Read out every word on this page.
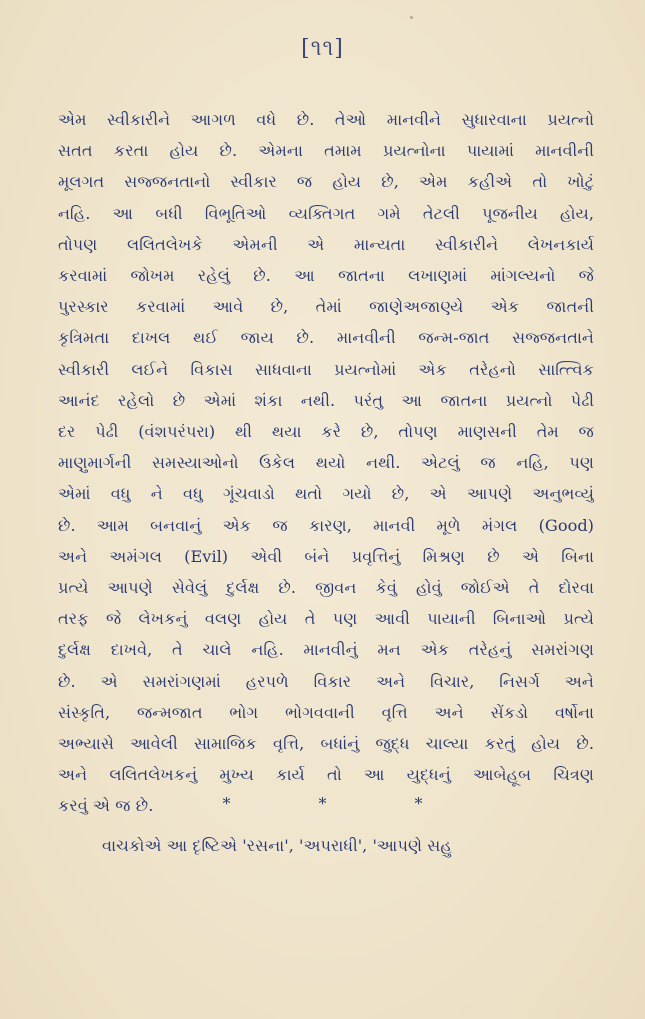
[૧૧]
એમ સ્વીકારીને આગળ વધે છે. તેઓ માનવીને સુધારવાના પ્રયત્નો
સતત કરતા હોય છે. એમના તમામ પ્રયત્નોના પાયામાં માનવીની
મૂલગત સજ્જનતાનો સ્વીકાર જ હોય છે, એમ કહીએ તો ખોટું
નહિ. આ બધી વિભૂતિઓ વ્યક્તિગત ગમે તેટલી પૂજનીય હોય,
તોપણ લલિતલેખકે એમની એ માન્યતા સ્વીકારીને લેખનકાર્ય
કરવામાં જોખમ રહેલું છે. આ જાતના લખાણમાં માંગલ્યનો જે
પુરસ્કાર કરવામાં આવે છે, તેમાં જાણેઅજાણ્યે એક જાતની
કૃત્રિમતા દાખલ થઈ જાય છે. માનવીની જન્મ-જાત સજ્જનતાને
સ્વીકારી લઈને વિકાસ સાધવાના પ્રયત્નોમાં એક તરેહનો સાત્ત્વિક
આનંદ રહેલો છે એમાં શંકા નથી. પરંતુ આ જાતના પ્રયત્નો પેઢી
દર પેઢી (વંશપરંપરા) થી થયા કરે છે, તોપણ માણસની તેમ જ
માણુમાર્ગની સમસ્યાઓનો ઉકેલ થયો નથી. એટલું જ નહિ, પણ
એમાં વધુ ને વધુ ગૂંચવાડો થતો ગયો છે, એ આપણે અનુભવ્યું
છે. આમ બનવાનું એક જ કારણ, માનવી મૂળે મંગલ (Good)
અને અમંગલ (Evil) એવી બંને પ્રવૃત્તિનું મિશ્રણ છે એ બિના
પ્રત્યે આપણે સેવેલું દુર્લક્ષ છે. જીવન કેવું હોવું જોઈએ તે દોરવા
તરફ જે લેખકનું વલણ હોય તે પણ આવી પાયાની બિનાઓ પ્રત્યે
દુર્લક્ષ દાખવે, તે ચાલે નહિ. માનવીનું મન એક તરેહનું સમરાંગણ
છે. એ સમરાંગણમાં હરપળે વિકાર અને વિચાર, નિસર્ગ અને
સંસ્કૃતિ, જન્મજાત ભોગ ભોગવવાની વૃત્તિ અને સેંકડો વર્ષોના
અભ્યાસે આવેલી સામાજિક વૃત્તિ, બધાંનું જુદ્ધ ચાલ્યા કરતું હોય છે.
અને લલિતલેખકનું મુખ્ય કાર્ય તો આ યુદ્ધનું આબેહૂબ ચિત્રણ
કરવું એ જ છે.	*	*	*
વાચકોએ આ દૃષ્ટિએ 'રસના', 'અપરાધી', 'આપણે સહુ
